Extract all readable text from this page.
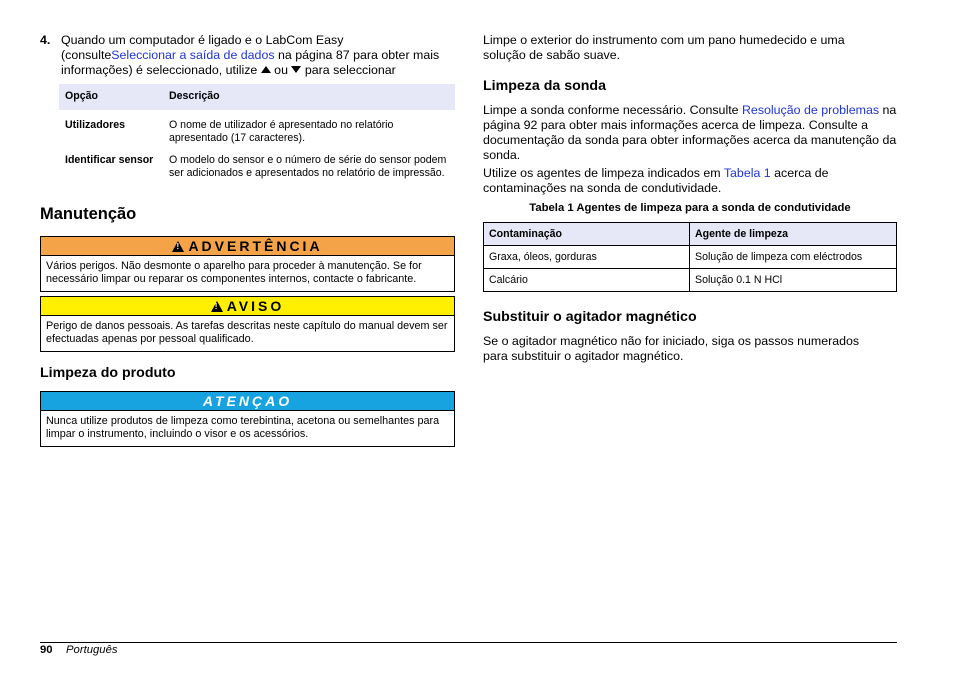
4. Quando um computador é ligado e o LabCom Easy (consulteSeleccionar a saída de dados na página 87 para obter mais informações) é seleccionado, utilize  ou  para seleccionar
Opção	Descrição
Utilizadores	O nome de utilizador é apresentado no relatório apresentado (17 caracteres).
Identificar sensor	O modelo do sensor e o número de série do sensor podem ser adicionados e apresentados no relatório de impressão.
Manutenção
!ADVERTÊNCIA
Vários perigos. Não desmonte o aparelho para proceder à manutenção. Se for necessário limpar ou reparar os componentes internos, contacte o fabricante.
!AVISO
Perigo de danos pessoais. As tarefas descritas neste capítulo do manual devem ser efectuadas apenas por pessoal qualificado.
Limpeza do produto
ATENÇAO
Nunca utilize produtos de limpeza como terebintina, acetona ou semelhantes para limpar o instrumento, incluindo o visor e os acessórios.
Limpe o exterior do instrumento com um pano humedecido e uma solução de sabão suave.
Limpeza da sonda
Limpe a sonda conforme necessário. Consulte Resolução de problemas na página 92 para obter mais informações acerca de limpeza. Consulte a documentação da sonda para obter informações acerca da manutenção da sonda.
Utilize os agentes de limpeza indicados em Tabela 1 acerca de contaminações na sonda de condutividade.
Tabela 1 Agentes de limpeza para a sonda de condutividade
Contaminação	Agente de limpeza
Graxa, óleos, gorduras	Solução de limpeza com eléctrodos
Calcário	Solução 0.1 N HCl
Substituir o agitador magnético
Se o agitador magnético não for iniciado, siga os passos numerados para substituir o agitador magnético.
90 Português
